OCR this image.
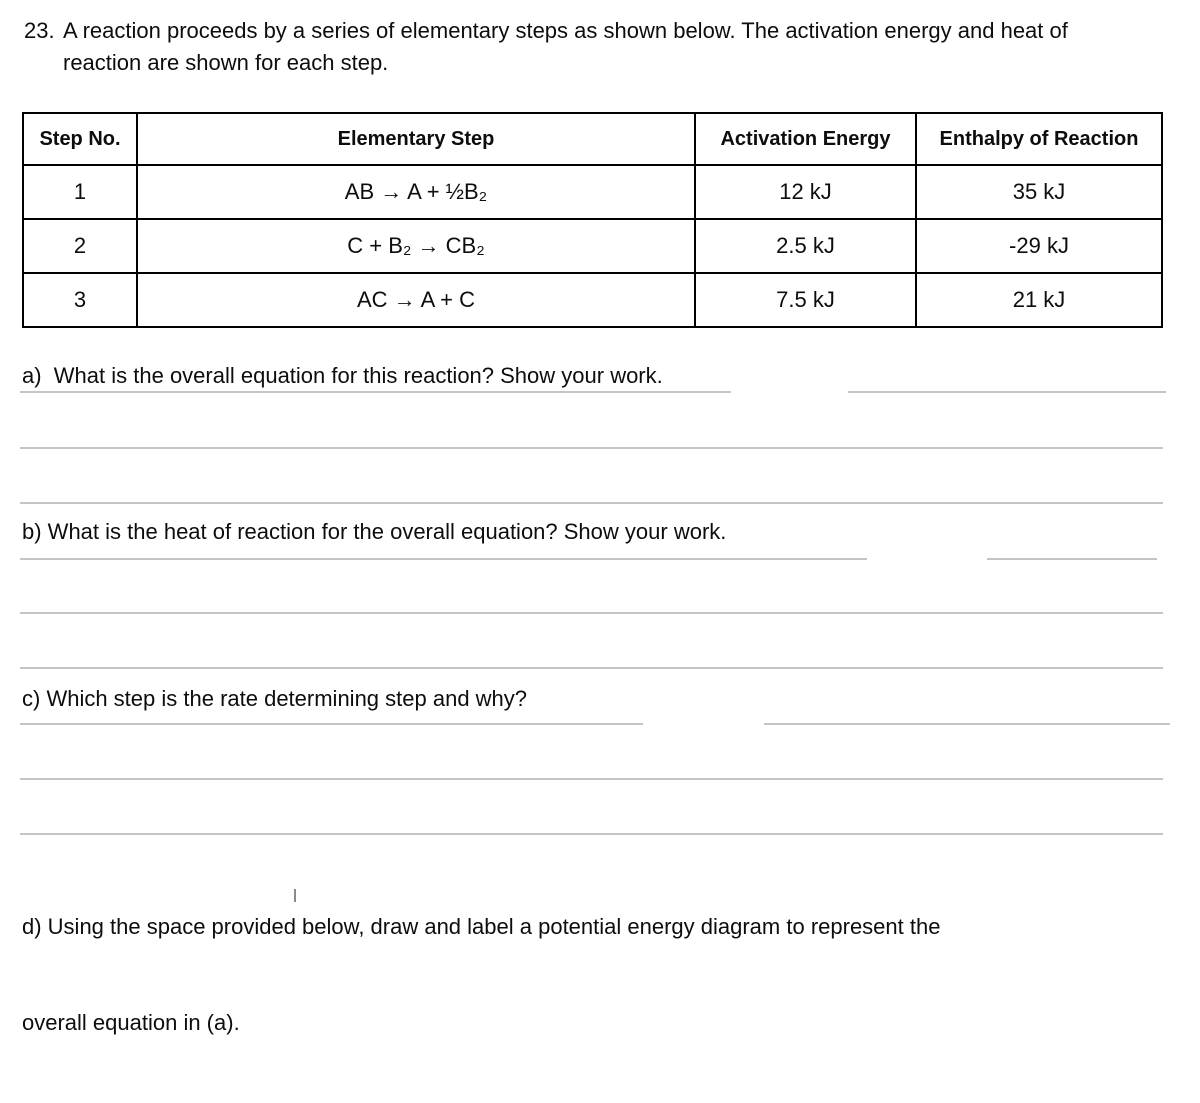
23. A reaction proceeds by a series of elementary steps as shown below. The activation energy and heat of
reaction are shown for each step.
Step No.	Elementary Step	Activation Energy	Enthalpy of Reaction
1	AB → A + ½B₂	12 kJ	35 kJ
2	C + B₂ → CB₂	2.5 kJ	-29 kJ
3	AC → A + C	7.5 kJ	21 kJ
a)  What is the overall equation for this reaction? Show your work.
b) What is the heat of reaction for the overall equation? Show your work.
c) Which step is the rate determining step and why?

d) Using the space provided below, draw and label a potential energy diagram to represent the

overall equation in (a).
